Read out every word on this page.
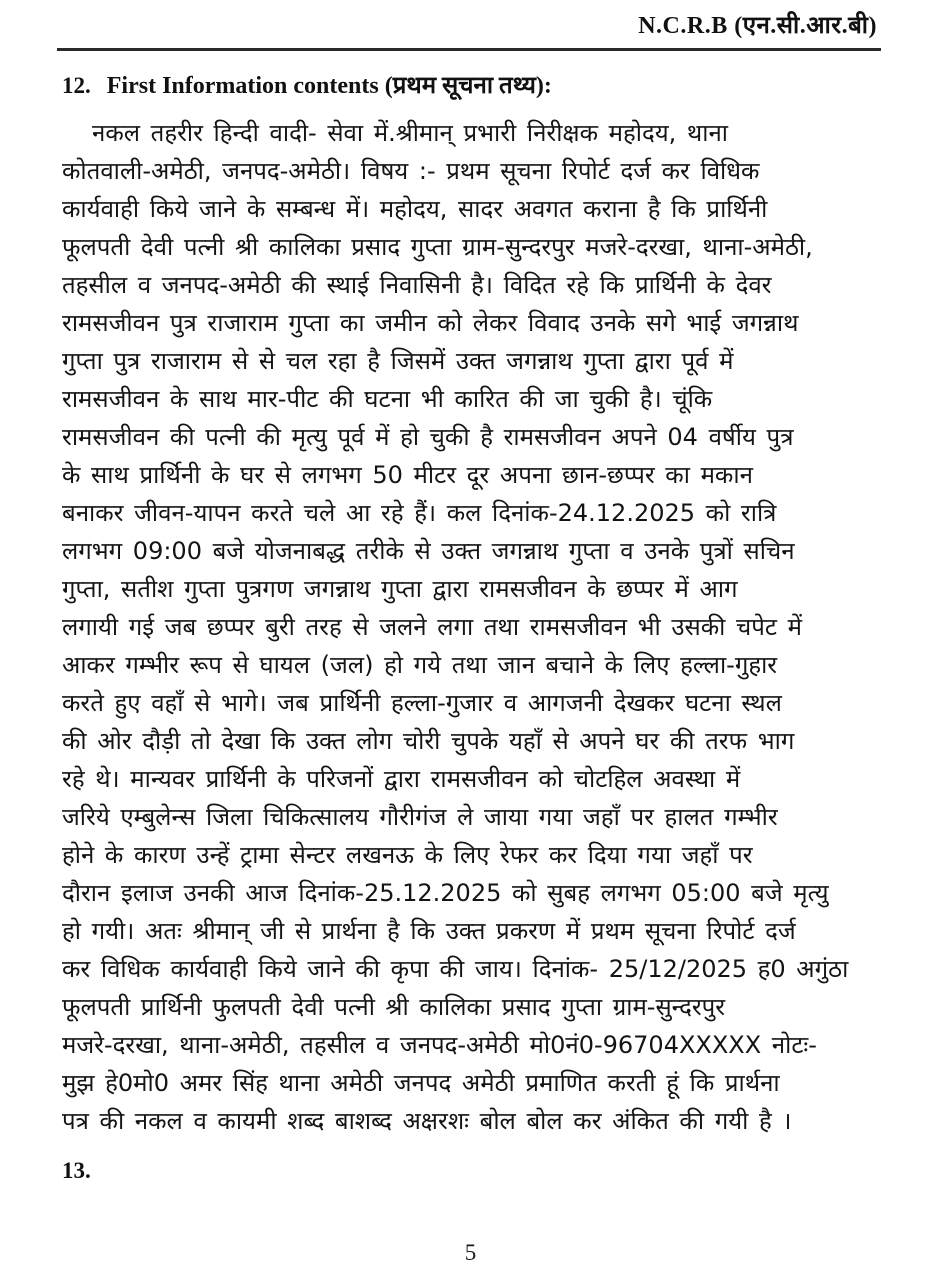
N.C.R.B (एन.सी.आर.बी)
12. First Information contents (प्रथम सूचना तथ्य):
नकल तहरीर हिन्दी वादी- सेवा में.श्रीमान् प्रभारी निरीक्षक महोदय, थाना
कोतवाली-अमेठी, जनपद-अमेठी। विषय :- प्रथम सूचना रिपोर्ट दर्ज कर विधिक
कार्यवाही किये जाने के सम्बन्ध में। महोदय, सादर अवगत कराना है कि प्रार्थिनी
फूलपती देवी पत्नी श्री कालिका प्रसाद गुप्ता ग्राम-सुन्दरपुर मजरे-दरखा, थाना-अमेठी,
तहसील व जनपद-अमेठी की स्थाई निवासिनी है। विदित रहे कि प्रार्थिनी के देवर
रामसजीवन पुत्र राजाराम गुप्ता का जमीन को लेकर विवाद उनके सगे भाई जगन्नाथ
गुप्ता पुत्र राजाराम से से चल रहा है जिसमें उक्त जगन्नाथ गुप्ता द्वारा पूर्व में
रामसजीवन के साथ मार-पीट की घटना भी कारित की जा चुकी है। चूंकि
रामसजीवन की पत्नी की मृत्यु पूर्व में हो चुकी है रामसजीवन अपने 04 वर्षीय पुत्र
के साथ प्रार्थिनी के घर से लगभग 50 मीटर दूर अपना छान-छप्पर का मकान
बनाकर जीवन-यापन करते चले आ रहे हैं। कल दिनांक-24.12.2025 को रात्रि
लगभग 09:00 बजे योजनाबद्ध तरीके से उक्त जगन्नाथ गुप्ता व उनके पुत्रों सचिन
गुप्ता, सतीश गुप्ता पुत्रगण जगन्नाथ गुप्ता द्वारा रामसजीवन के छप्पर में आग
लगायी गई जब छप्पर बुरी तरह से जलने लगा तथा रामसजीवन भी उसकी चपेट में
आकर गम्भीर रूप से घायल (जल) हो गये तथा जान बचाने के लिए हल्ला-गुहार
करते हुए वहाँ से भागे। जब प्रार्थिनी हल्ला-गुजार व आगजनी देखकर घटना स्थल
की ओर दौड़ी तो देखा कि उक्त लोग चोरी चुपके यहाँ से अपने घर की तरफ भाग
रहे थे। मान्यवर प्रार्थिनी के परिजनों द्वारा रामसजीवन को चोटहिल अवस्था में
जरिये एम्बुलेन्स जिला चिकित्सालय गौरीगंज ले जाया गया जहाँ पर हालत गम्भीर
होने के कारण उन्हें ट्रामा सेन्टर लखनऊ के लिए रेफर कर दिया गया जहाँ पर
दौरान इलाज उनकी आज दिनांक-25.12.2025 को सुबह लगभग 05:00 बजे मृत्यु
हो गयी। अतः श्रीमान् जी से प्रार्थना है कि उक्त प्रकरण में प्रथम सूचना रिपोर्ट दर्ज
कर विधिक कार्यवाही किये जाने की कृपा की जाय। दिनांक- 25/12/2025 ह0 अगुंठा
फूलपती प्रार्थिनी फुलपती देवी पत्नी श्री कालिका प्रसाद गुप्ता ग्राम-सुन्दरपुर
मजरे-दरखा, थाना-अमेठी, तहसील व जनपद-अमेठी मो0नं0-96704XXXXX नोटः-
मुझ हे0मो0 अमर सिंह थाना अमेठी जनपद अमेठी प्रमाणित करती हूं कि प्रार्थना
पत्र की नकल व कायमी शब्द बाशब्द अक्षरशः बोल बोल कर अंकित की गयी है ।
13.
5
